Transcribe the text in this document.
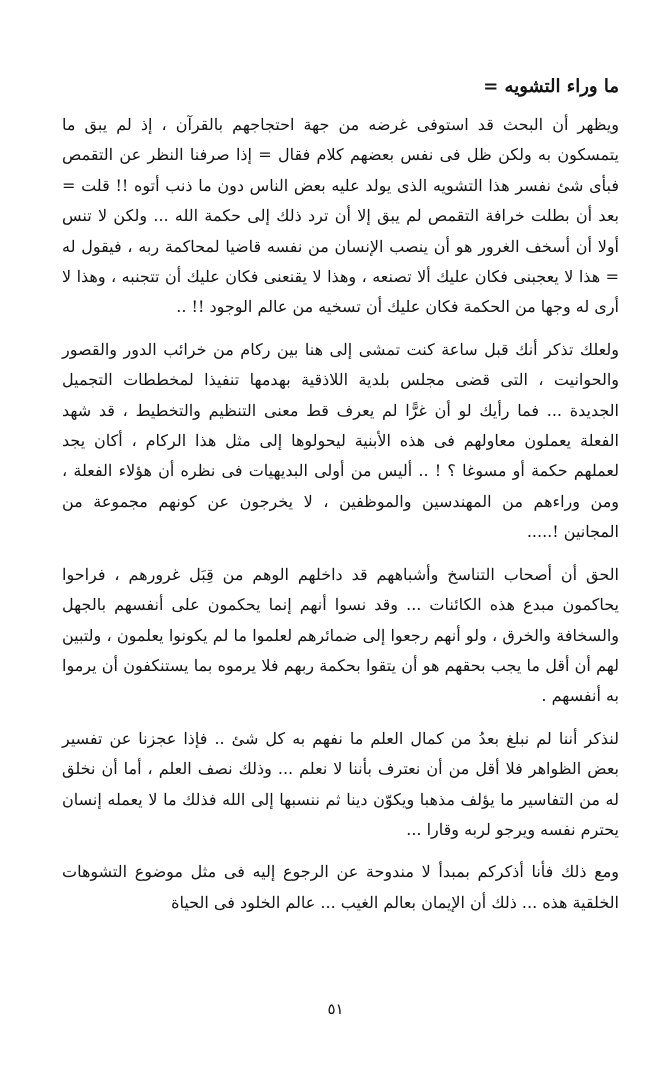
ما وراء التشويه =

ويظهر أن البحث قد استوفى غرضه من جهة احتجاجهم بالقرآن ، إذ لم يبق ما يتمسكون به ولكن ظل فى نفس بعضهم كلام فقال = إذا صرفنا النظر عن التقمص فبأى شئ نفسر هذا التشويه الذى يولد عليه بعض الناس دون ما ذنب أتوه !! قلت = بعد أن بطلت خرافة التقمص لم يبق إلا أن ترد ذلك إلى حكمة الله ... ولكن لا تنس أولا أن أسخف الغرور هو أن ينصب الإنسان من نفسه قاضيا لمحاكمة ربه ، فيقول له = هذا لا يعجبنى فكان عليك ألا تصنعه ، وهذا لا يقنعنى فكان عليك أن تتجنبه ، وهذا لا أرى له وجها من الحكمة فكان عليك أن تسخيه من عالم الوجود !! ..

ولعلك تذكر أنك قبل ساعة كنت تمشى إلى هنا بين ركام من خرائب الدور والقصور والحوانيت ، التى قضى مجلس بلدية اللاذقية بهدمها تنفيذا لمخططات التجميل الجديدة ... فما رأيك لو أن غرًّا لم يعرف قط معنى التنظيم والتخطيط ، قد شهد الفعلة يعملون معاولهم فى هذه الأبنية ليحولوها إلى مثل هذا الركام ، أكان يجد لعملهم حكمة أو مسوغا ؟ ! .. أليس من أولى البديهيات فى نظره أن هؤلاء الفعلة ، ومن وراءهم من المهندسين والموظفين ، لا يخرجون عن كونهم مجموعة من المجانين !.....

الحق أن أصحاب التناسخ وأشباههم قد داخلهم الوهم من قِبَل غرورهم ، فراحوا يحاكمون مبدع هذه الكائنات ... وقد نسوا أنهم إنما يحكمون على أنفسهم بالجهل والسخافة والخرق ، ولو أنهم رجعوا إلى ضمائرهم لعلموا ما لم يكونوا يعلمون ، ولتبين لهم أن أقل ما يجب بحقهم هو أن يتقوا بحكمة ربهم فلا يرموه بما يستنكفون أن يرموا به أنفسهم .

لنذكر أننا لم نبلغ بعدُ من كمال العلم ما نفهم به كل شئ .. فإذا عجزنا عن تفسير بعض الظواهر فلا أقل من أن نعترف بأننا لا نعلم ... وذلك نصف العلم ، أما أن نخلق له من التفاسير ما يؤلف مذهبا ويكوّن دينا ثم ننسبها إلى الله فذلك ما لا يعمله إنسان يحترم نفسه ويرجو لربه وقارا ...

ومع ذلك فأنا أذكركم بمبدأ لا مندوحة عن الرجوع إليه فى مثل موضوع التشوهات الخلقية هذه ... ذلك أن الإيمان بعالم الغيب ... عالم الخلود فى الحياة

٥١
